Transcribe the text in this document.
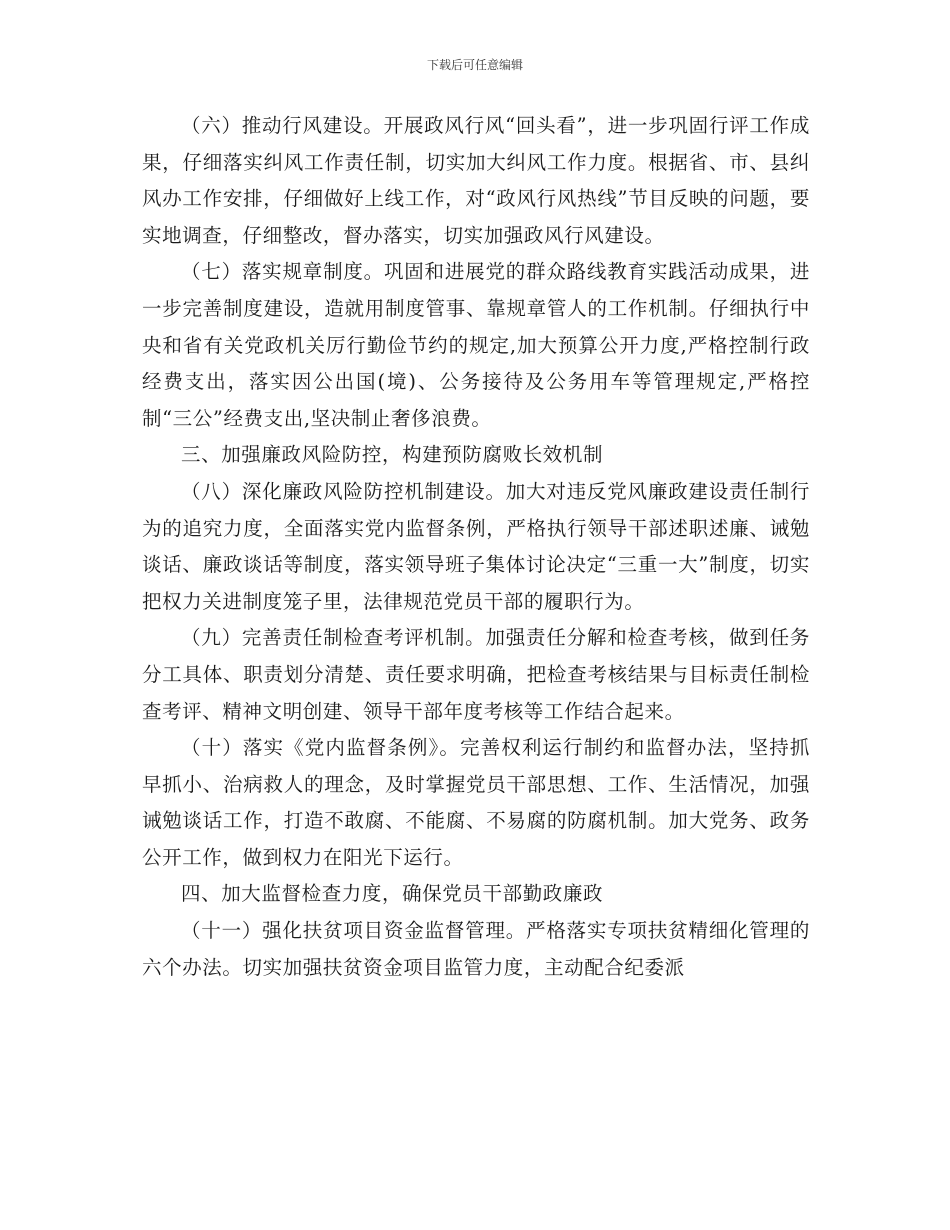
下载后可任意编辑

（六）推动行风建设。开展政风行风“回头看”，进一步巩固行评工作成果，仔细落实纠风工作责任制，切实加大纠风工作力度。根据省、市、县纠风办工作安排，仔细做好上线工作，对“政风行风热线”节目反映的问题，要实地调查，仔细整改，督办落实，切实加强政风行风建设。

（七）落实规章制度。巩固和进展党的群众路线教育实践活动成果，进一步完善制度建设，造就用制度管事、靠规章管人的工作机制。仔细执行中央和省有关党政机关厉行勤俭节约的规定,加大预算公开力度,严格控制行政经费支出，落实因公出国(境)、公务接待及公务用车等管理规定,严格控制“三公”经费支出,坚决制止奢侈浪费。

三、加强廉政风险防控，构建预防腐败长效机制

（八）深化廉政风险防控机制建设。加大对违反党风廉政建设责任制行为的追究力度，全面落实党内监督条例，严格执行领导干部述职述廉、诫勉谈话、廉政谈话等制度，落实领导班子集体讨论决定“三重一大”制度，切实把权力关进制度笼子里，法律规范党员干部的履职行为。

（九）完善责任制检查考评机制。加强责任分解和检查考核，做到任务分工具体、职责划分清楚、责任要求明确，把检查考核结果与目标责任制检查考评、精神文明创建、领导干部年度考核等工作结合起来。

（十）落实《党内监督条例》。完善权利运行制约和监督办法，坚持抓早抓小、治病救人的理念，及时掌握党员干部思想、工作、生活情况，加强诫勉谈话工作，打造不敢腐、不能腐、不易腐的防腐机制。加大党务、政务公开工作，做到权力在阳光下运行。

四、加大监督检查力度，确保党员干部勤政廉政

（十一）强化扶贫项目资金监督管理。严格落实专项扶贫精细化管理的六个办法。切实加强扶贫资金项目监管力度，主动配合纪委派
